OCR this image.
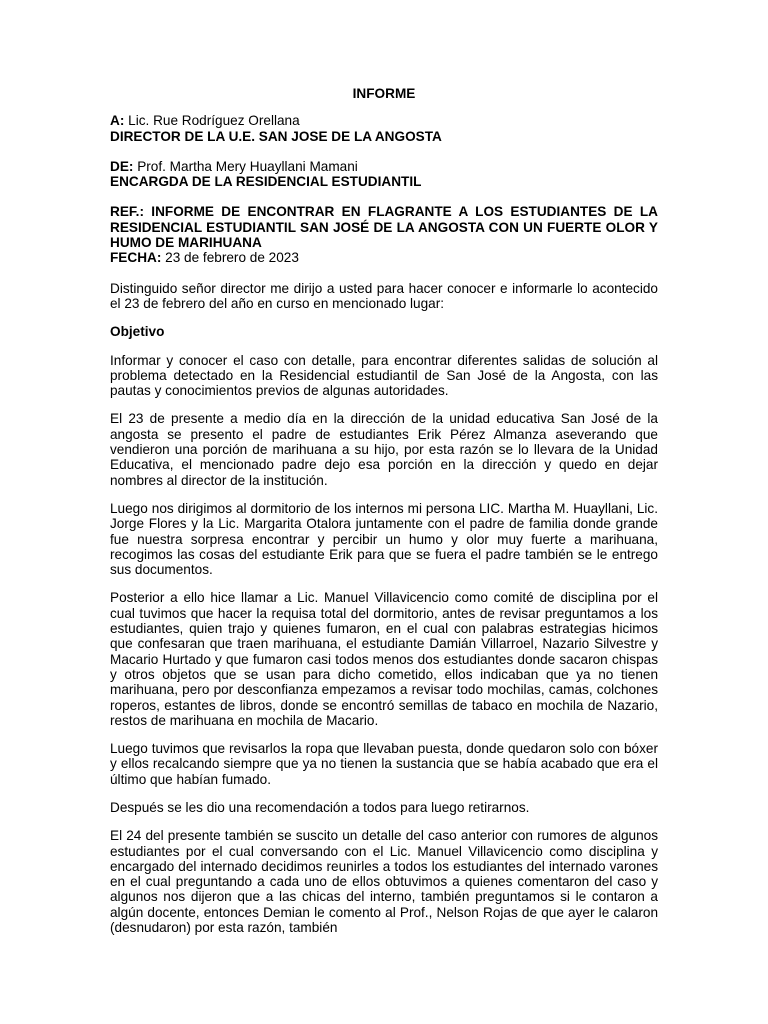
INFORME

A: Lic. Rue Rodríguez Orellana

DIRECTOR DE LA U.E. SAN JOSE DE LA ANGOSTA

DE: Prof. Martha Mery Huayllani Mamani

ENCARGDA DE LA RESIDENCIAL ESTUDIANTIL

REF.: INFORME DE ENCONTRAR EN FLAGRANTE A LOS ESTUDIANTES DE LA RESIDENCIAL ESTUDIANTIL SAN JOSÉ DE LA ANGOSTA CON UN FUERTE OLOR Y HUMO DE MARIHUANA

FECHA: 23 de febrero de 2023

Distinguido señor director me dirijo a usted para hacer conocer e informarle lo acontecido el 23 de febrero del año en curso en mencionado lugar:

Objetivo

Informar y conocer el caso con detalle, para encontrar diferentes salidas de solución al problema detectado en la Residencial estudiantil de San José de la Angosta, con las pautas y conocimientos previos de algunas autoridades.

El 23 de presente a medio día en la dirección de la unidad educativa San José de la angosta se presento el padre de estudiantes Erik Pérez Almanza aseverando que vendieron una porción de marihuana a su hijo, por esta razón se lo llevara de la Unidad Educativa, el mencionado padre dejo esa porción en la dirección y quedo en dejar nombres al director de la institución.

Luego nos dirigimos al dormitorio de los internos mi persona LIC. Martha M. Huayllani, Lic. Jorge Flores y la Lic. Margarita Otalora juntamente con el padre de familia donde grande fue nuestra sorpresa encontrar y percibir un humo y olor muy fuerte a marihuana, recogimos las cosas del estudiante Erik para que se fuera el padre también se le entrego sus documentos.

Posterior a ello hice llamar a Lic. Manuel Villavicencio como comité de disciplina por el cual tuvimos que hacer la requisa total del dormitorio, antes de revisar preguntamos a los estudiantes, quien trajo y quienes fumaron, en el cual con palabras estrategias hicimos que confesaran que traen marihuana, el estudiante Damián Villarroel, Nazario Silvestre y Macario Hurtado y que fumaron casi todos menos dos estudiantes donde sacaron chispas y otros objetos que se usan para dicho cometido, ellos indicaban que ya no tienen marihuana, pero por desconfianza empezamos a revisar todo mochilas, camas, colchones roperos, estantes de libros, donde se encontró semillas de tabaco en mochila de Nazario, restos de marihuana en mochila de Macario.

Luego tuvimos que revisarlos la ropa que llevaban puesta, donde quedaron solo con bóxer y ellos recalcando siempre que ya no tienen la sustancia que se había acabado que era el último que habían fumado.

Después se les dio una recomendación a todos para luego retirarnos.

El 24 del presente también se suscito un detalle del caso anterior con rumores de algunos estudiantes por el cual conversando con el Lic. Manuel Villavicencio como disciplina y encargado del internado decidimos reunirles a todos los estudiantes del internado varones en el cual preguntando a cada uno de ellos obtuvimos a quienes comentaron del caso y algunos nos dijeron que a las chicas del interno, también preguntamos si le contaron a algún docente, entonces Demian le comento al Prof., Nelson Rojas de que ayer le calaron (desnudaron) por esta razón, también
